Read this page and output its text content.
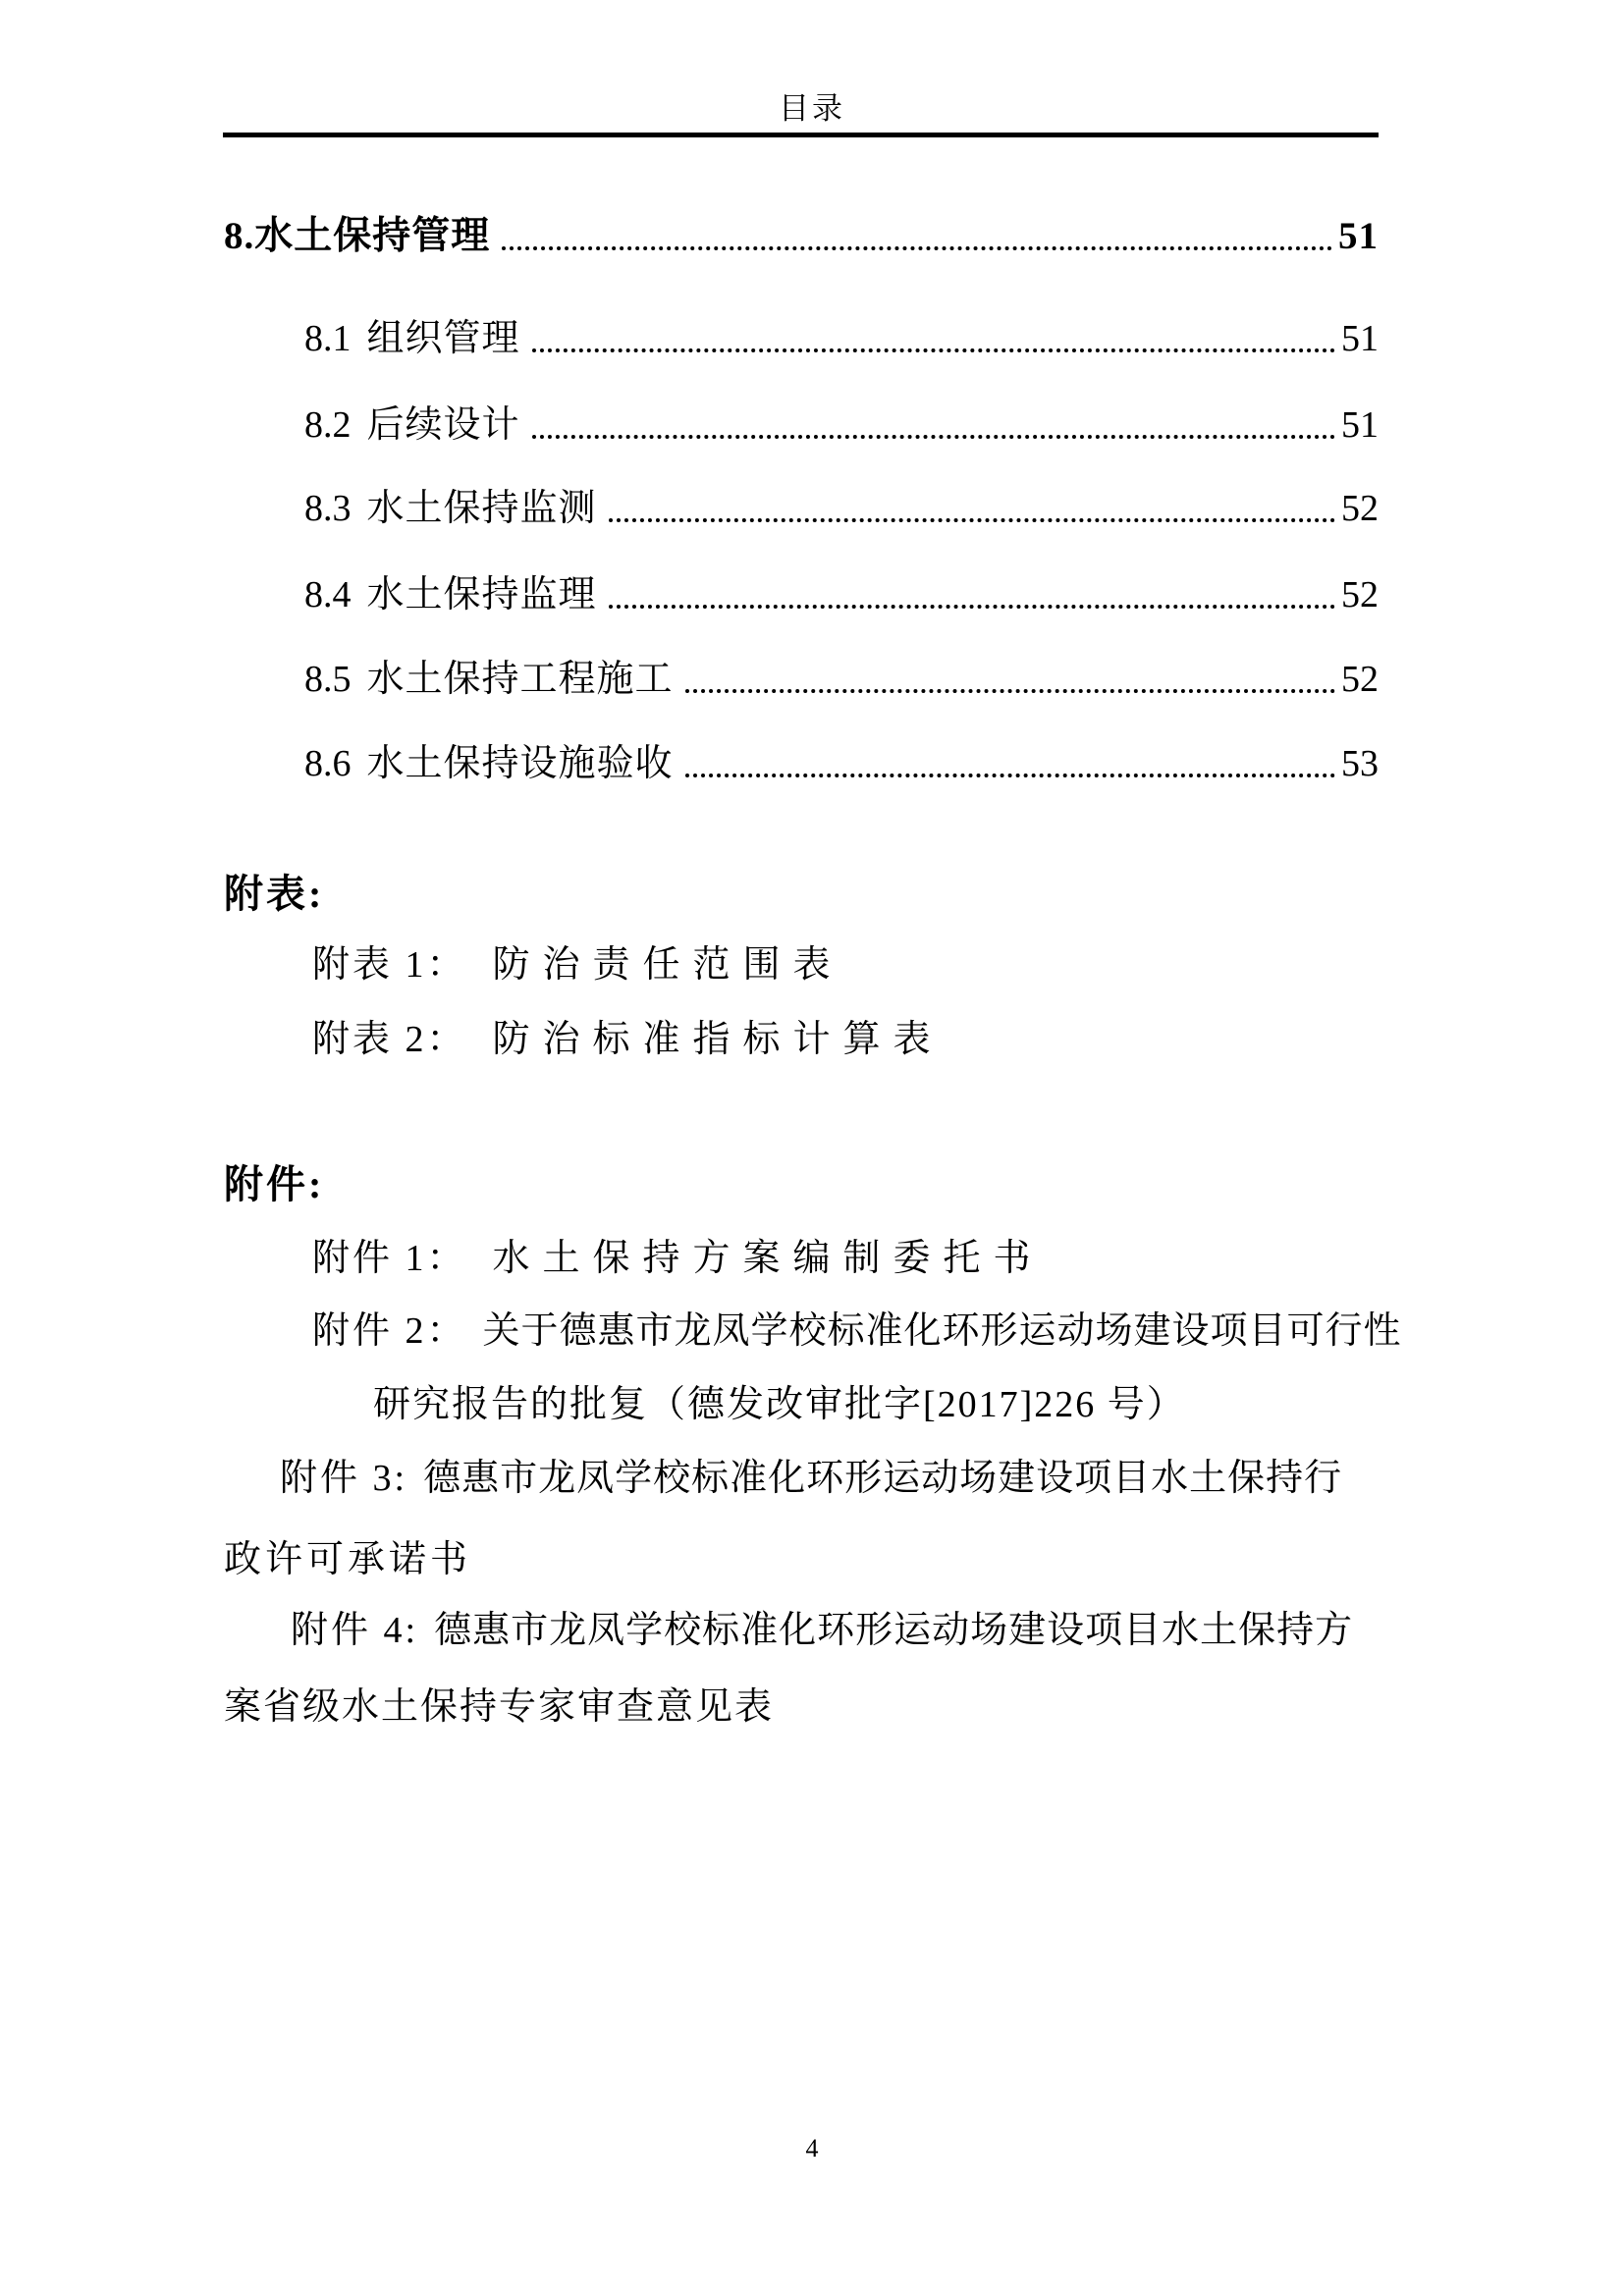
目录
8.水土保持管理	51
8.1 组织管理	51
8.2 后续设计	51
8.3 水土保持监测	52
8.4 水土保持监理	52
8.5 水土保持工程施工	52
8.6 水土保持设施验收	53
附表:
附表 1： 防治责任范围表
附表 2： 防治标准指标计算表
附件:
附件 1： 水土保持方案编制委托书
附件 2： 关于德惠市龙凤学校标准化环形运动场建设项目可行性
研究报告的批复（德发改审批字[2017]226 号）
附件 3: 德惠市龙凤学校标准化环形运动场建设项目水土保持行
政许可承诺书
附件 4: 德惠市龙凤学校标准化环形运动场建设项目水土保持方
案省级水土保持专家审查意见表
4
